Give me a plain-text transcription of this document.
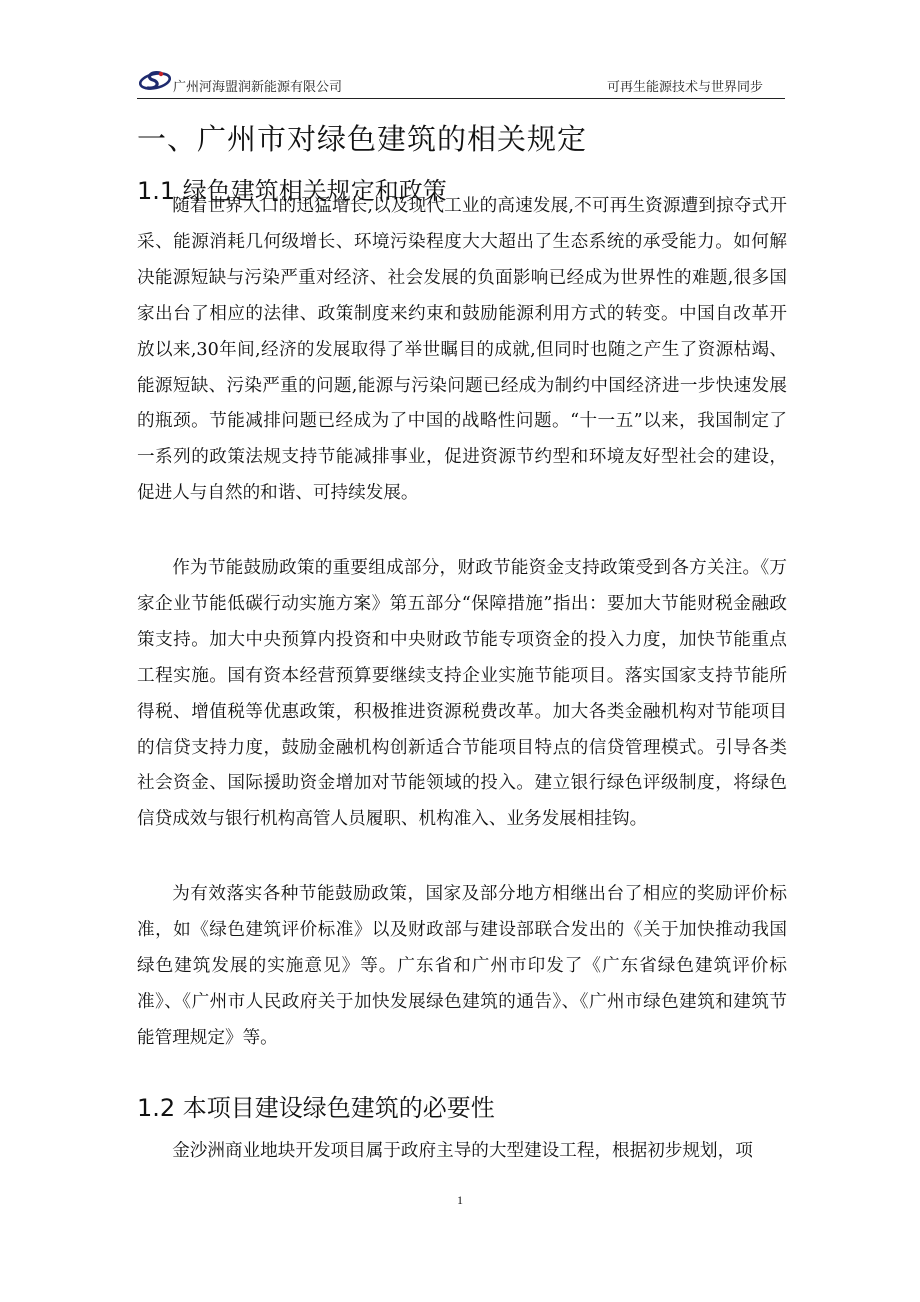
广州河海盟润新能源有限公司	可再生能源技术与世界同步
一、广州市对绿色建筑的相关规定
1.1 绿色建筑相关规定和政策

随着世界人口的迅猛增长,以及现代工业的高速发展,不可再生资源遭到掠夺式开采、能源消耗几何级增长、环境污染程度大大超出了生态系统的承受能力。如何解决能源短缺与污染严重对经济、社会发展的负面影响已经成为世界性的难题,很多国家出台了相应的法律、政策制度来约束和鼓励能源利用方式的转变。中国自改革开放以来,30年间,经济的发展取得了举世瞩目的成就,但同时也随之产生了资源枯竭、能源短缺、污染严重的问题,能源与污染问题已经成为制约中国经济进一步快速发展的瓶颈。节能减排问题已经成为了中国的战略性问题。“十一五”以来，我国制定了一系列的政策法规支持节能减排事业，促进资源节约型和环境友好型社会的建设，促进人与自然的和谐、可持续发展。

作为节能鼓励政策的重要组成部分，财政节能资金支持政策受到各方关注。《万家企业节能低碳行动实施方案》第五部分“保障措施”指出：要加大节能财税金融政策支持。加大中央预算内投资和中央财政节能专项资金的投入力度，加快节能重点工程实施。国有资本经营预算要继续支持企业实施节能项目。落实国家支持节能所得税、增值税等优惠政策，积极推进资源税费改革。加大各类金融机构对节能项目的信贷支持力度，鼓励金融机构创新适合节能项目特点的信贷管理模式。引导各类社会资金、国际援助资金增加对节能领域的投入。建立银行绿色评级制度，将绿色信贷成效与银行机构高管人员履职、机构准入、业务发展相挂钩。

为有效落实各种节能鼓励政策，国家及部分地方相继出台了相应的奖励评价标准，如《绿色建筑评价标准》以及财政部与建设部联合发出的《关于加快推动我国绿色建筑发展的实施意见》等。广东省和广州市印发了《广东省绿色建筑评价标准》、《广州市人民政府关于加快发展绿色建筑的通告》、《广州市绿色建筑和建筑节能管理规定》等。

1.2 本项目建设绿色建筑的必要性

金沙洲商业地块开发项目属于政府主导的大型建设工程，根据初步规划，项

1
